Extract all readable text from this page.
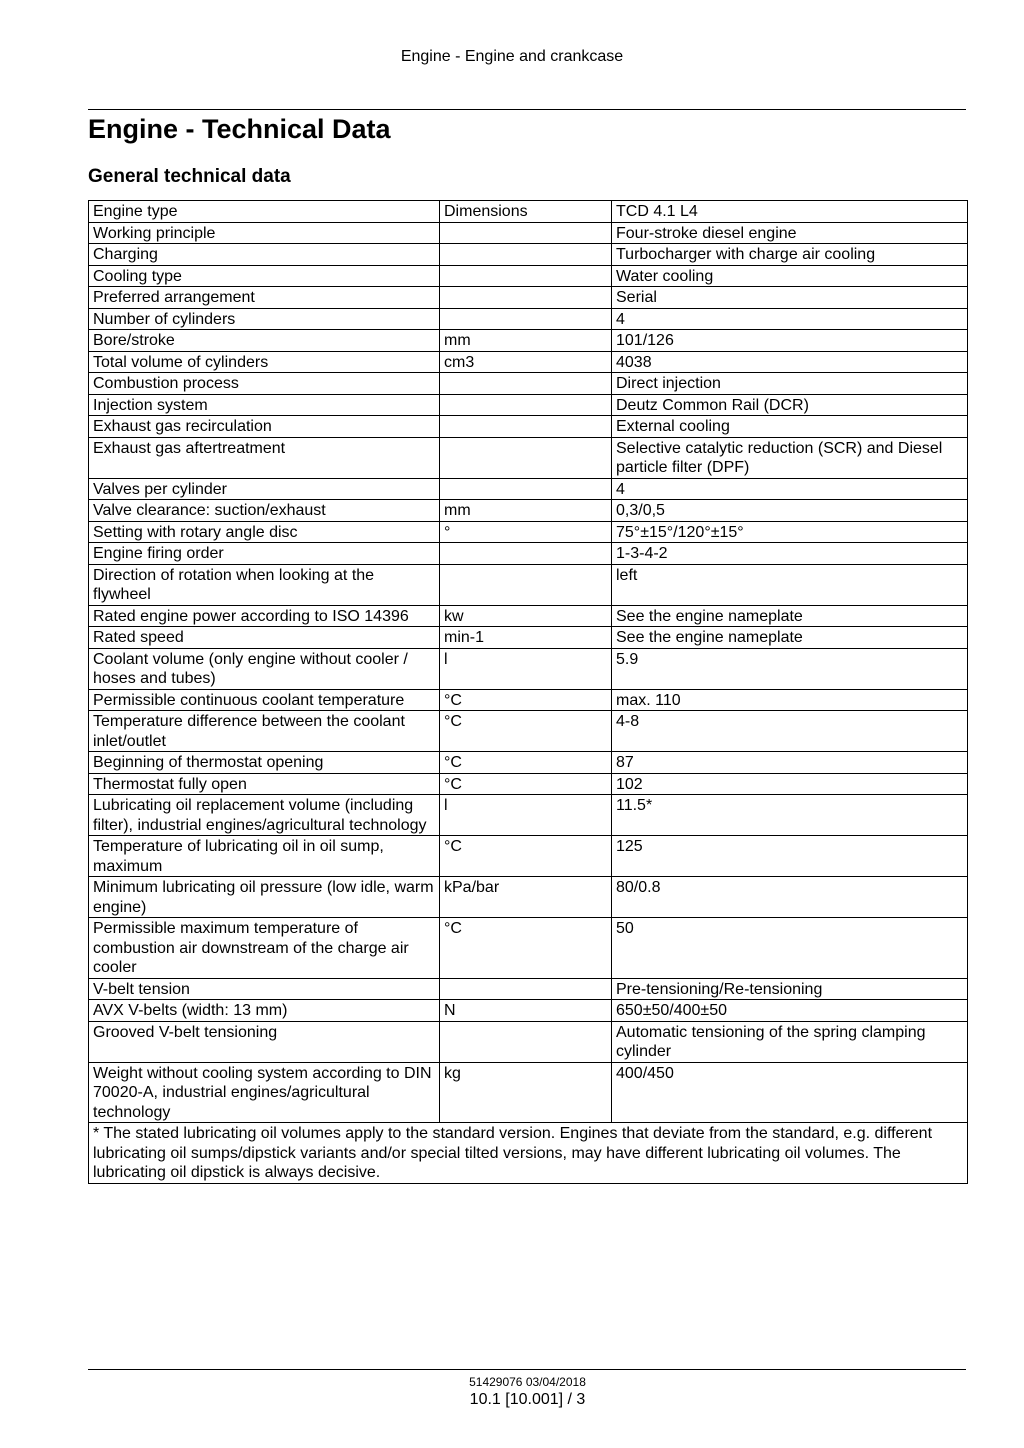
Engine - Engine and crankcase
Engine - Technical Data
General technical data
Engine type	Dimensions	TCD 4.1 L4
Working principle		Four-stroke diesel engine
Charging		Turbocharger with charge air cooling
Cooling type		Water cooling
Preferred arrangement		Serial
Number of cylinders		4
Bore/stroke	mm	101/126
Total volume of cylinders	cm3	4038
Combustion process		Direct injection
Injection system		Deutz Common Rail (DCR)
Exhaust gas recirculation		External cooling
Exhaust gas aftertreatment		Selective catalytic reduction (SCR) and Diesel particle filter (DPF)
Valves per cylinder		4
Valve clearance: suction/exhaust	mm	0,3/0,5
Setting with rotary angle disc	°	75°±15°/120°±15°
Engine firing order		1-3-4-2
Direction of rotation when looking at the flywheel		left
Rated engine power according to ISO 14396	kw	See the engine nameplate
Rated speed	min-1	See the engine nameplate
Coolant volume (only engine without cooler / hoses and tubes)	l	5.9
Permissible continuous coolant temperature	°C	max. 110
Temperature difference between the coolant inlet/outlet	°C	4-8
Beginning of thermostat opening	°C	87
Thermostat fully open	°C	102
Lubricating oil replacement volume (including filter), industrial engines/agricultural technology	l	11.5*
Temperature of lubricating oil in oil sump, maximum	°C	125
Minimum lubricating oil pressure (low idle, warm engine)	kPa/bar	80/0.8
Permissible maximum temperature of combustion air downstream of the charge air cooler	°C	50
V-belt tension		Pre-tensioning/Re-tensioning
AVX V-belts (width: 13 mm)	N	650±50/400±50
Grooved V-belt tensioning		Automatic tensioning of the spring clamping cylinder
Weight without cooling system according to DIN 70020-A, industrial engines/agricultural technology	kg	400/450
* The stated lubricating oil volumes apply to the standard version. Engines that deviate from the standard, e.g. different lubricating oil sumps/dipstick variants and/or special tilted versions, may have different lubricating oil volumes. The lubricating oil dipstick is always decisive.		
51429076 03/04/2018
10.1 [10.001] / 3
